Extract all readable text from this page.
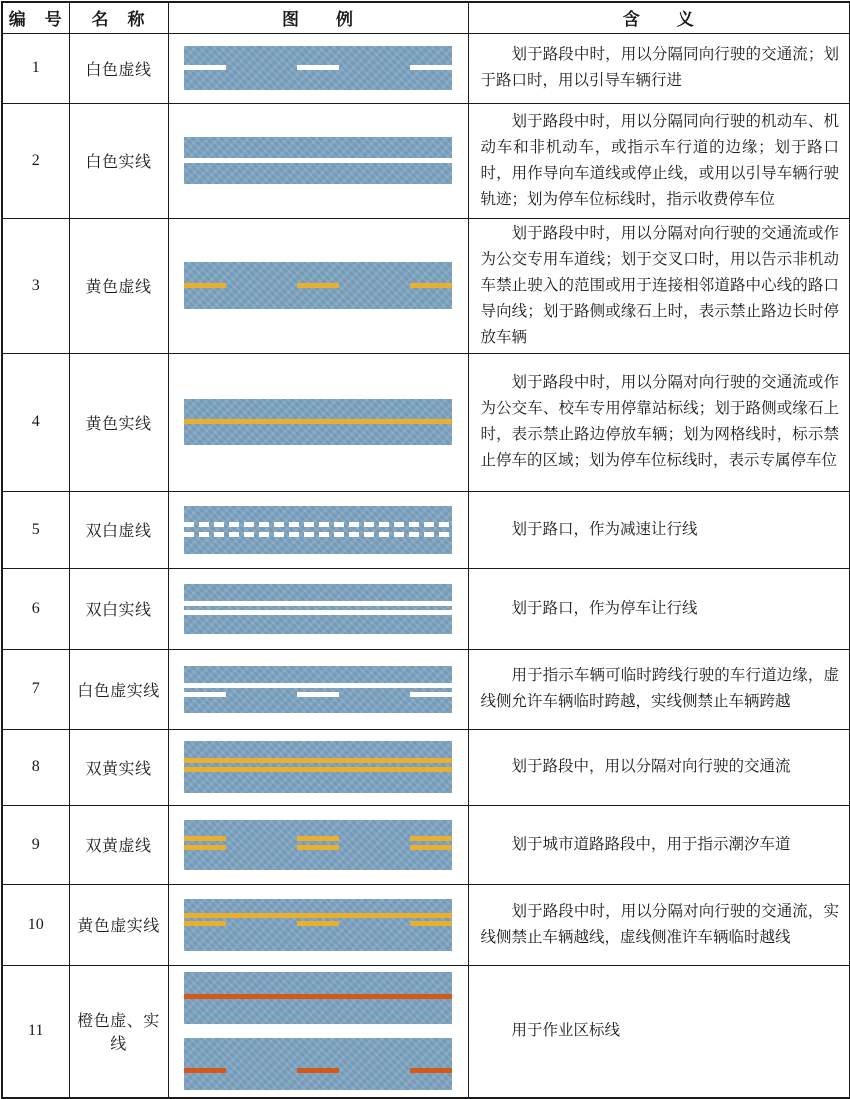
编　号	名　称	图　　例	含　　义
1	白色虚线		划于路段中时，用以分隔同向行驶的交通流；划于路口时，用以引导车辆行进

2	白色实线		划于路段中时，用以分隔同向行驶的机动车、机动车和非机动车，或指示车行道的边缘；划于路口时，用作导向车道线或停止线，或用以引导车辆行驶轨迹；划为停车位标线时，指示收费停车位

3	黄色虚线		划于路段中时，用以分隔对向行驶的交通流或作为公交专用车道线；划于交叉口时，用以告示非机动车禁止驶入的范围或用于连接相邻道路中心线的路口导向线；划于路侧或缘石上时，表示禁止路边长时停放车辆

4	黄色实线		划于路段中时，用以分隔对向行驶的交通流或作为公交车、校车专用停靠站标线；划于路侧或缘石上时，表示禁止路边停放车辆；划为网格线时，标示禁止停车的区域；划为停车位标线时，表示专属停车位

5	双白虚线		划于路口，作为减速让行线

6	双白实线		划于路口，作为停车让行线

7	白色虚实线		用于指示车辆可临时跨线行驶的车行道边缘，虚线侧允许车辆临时跨越，实线侧禁止车辆跨越

8	双黄实线		划于路段中，用以分隔对向行驶的交通流

9	双黄虚线		划于城市道路路段中，用于指示潮汐车道

10	黄色虚实线		划于路段中时，用以分隔对向行驶的交通流，实线侧禁止车辆越线，虚线侧准许车辆临时越线

11	橙色虚、实线		用于作业区标线
